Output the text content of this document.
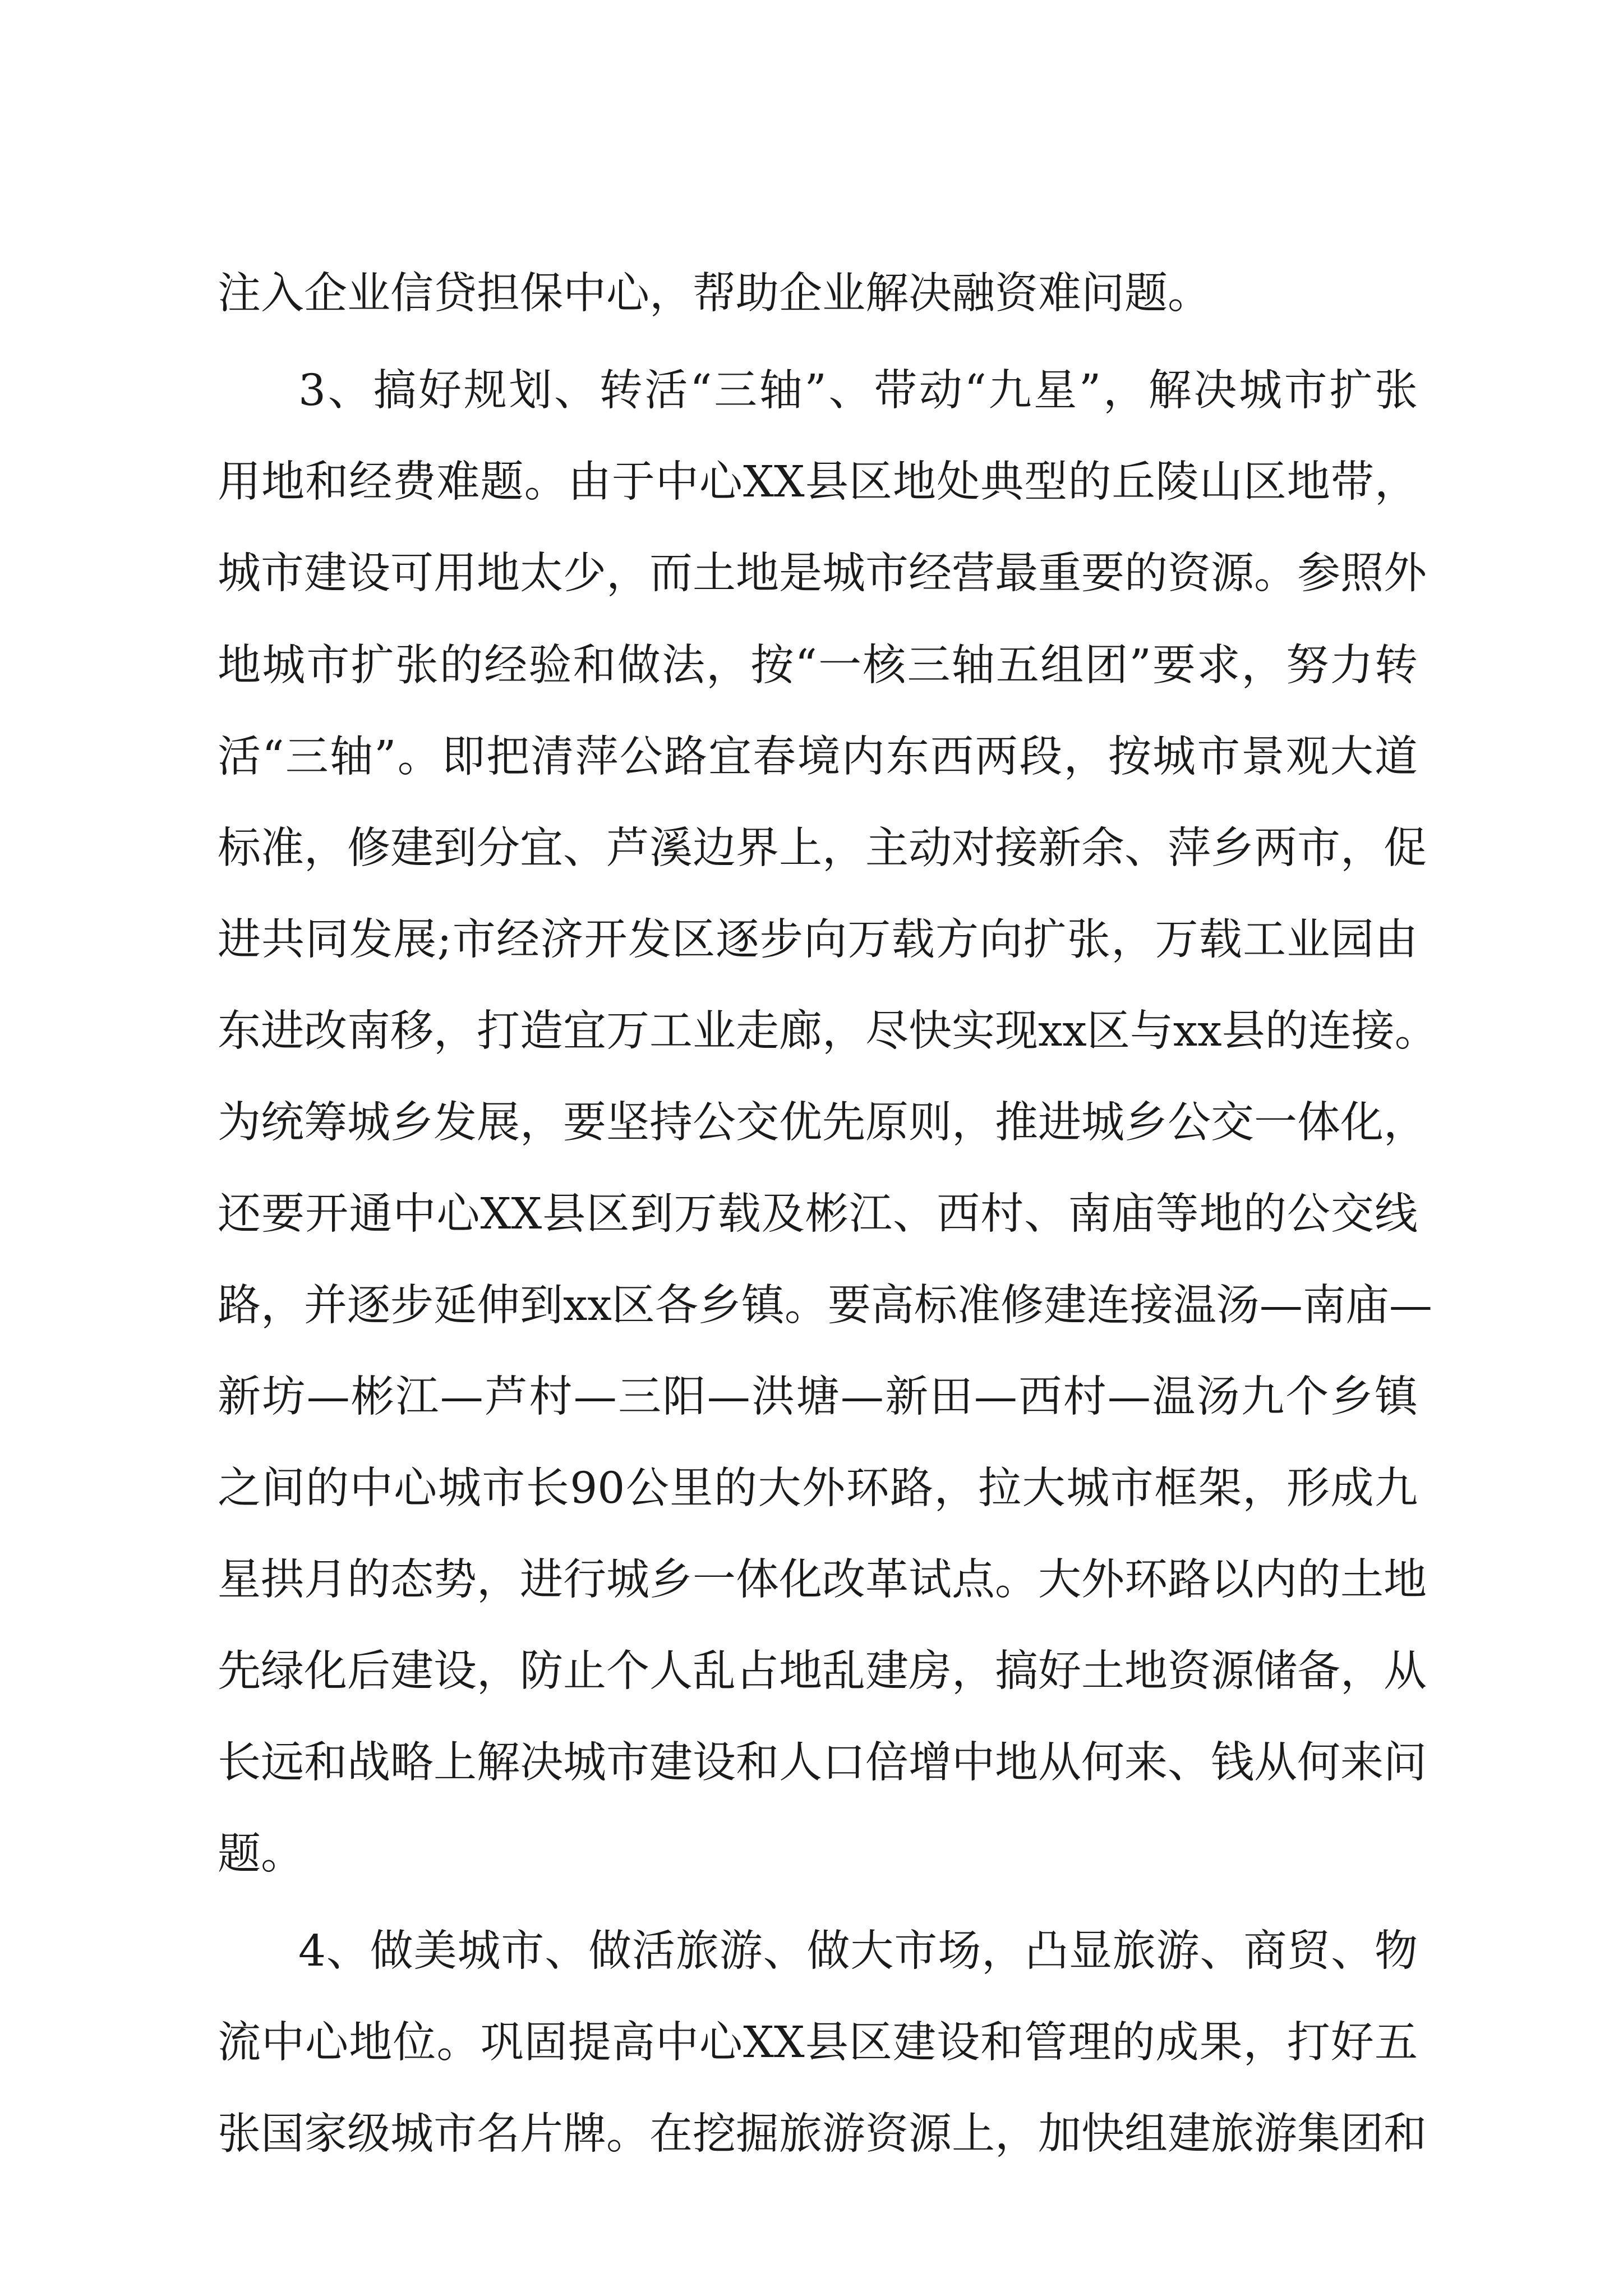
注入企业信贷担保中心，帮助企业解决融资难问题。
3、搞好规划、转活“三轴”、带动“九星”，解决城市扩张
用地和经费难题。由于中心XX县区地处典型的丘陵山区地带，
城市建设可用地太少，而土地是城市经营最重要的资源。参照外
地城市扩张的经验和做法，按“一核三轴五组团”要求，努力转
活“三轴”。即把清萍公路宜春境内东西两段，按城市景观大道
标准，修建到分宜、芦溪边界上，主动对接新余、萍乡两市，促
进共同发展;市经济开发区逐步向万载方向扩张，万载工业园由
东进改南移，打造宜万工业走廊，尽快实现xx区与xx县的连接。
为统筹城乡发展，要坚持公交优先原则，推进城乡公交一体化，
还要开通中心XX县区到万载及彬江、西村、南庙等地的公交线
路，并逐步延伸到xx区各乡镇。要高标准修建连接温汤—南庙—
新坊—彬江—芦村—三阳—洪塘—新田—西村—温汤九个乡镇
之间的中心城市长90公里的大外环路，拉大城市框架，形成九
星拱月的态势，进行城乡一体化改革试点。大外环路以内的土地
先绿化后建设，防止个人乱占地乱建房，搞好土地资源储备，从
长远和战略上解决城市建设和人口倍增中地从何来、钱从何来问
题。
4、做美城市、做活旅游、做大市场，凸显旅游、商贸、物
流中心地位。巩固提高中心XX县区建设和管理的成果，打好五
张国家级城市名片牌。在挖掘旅游资源上，加快组建旅游集团和
